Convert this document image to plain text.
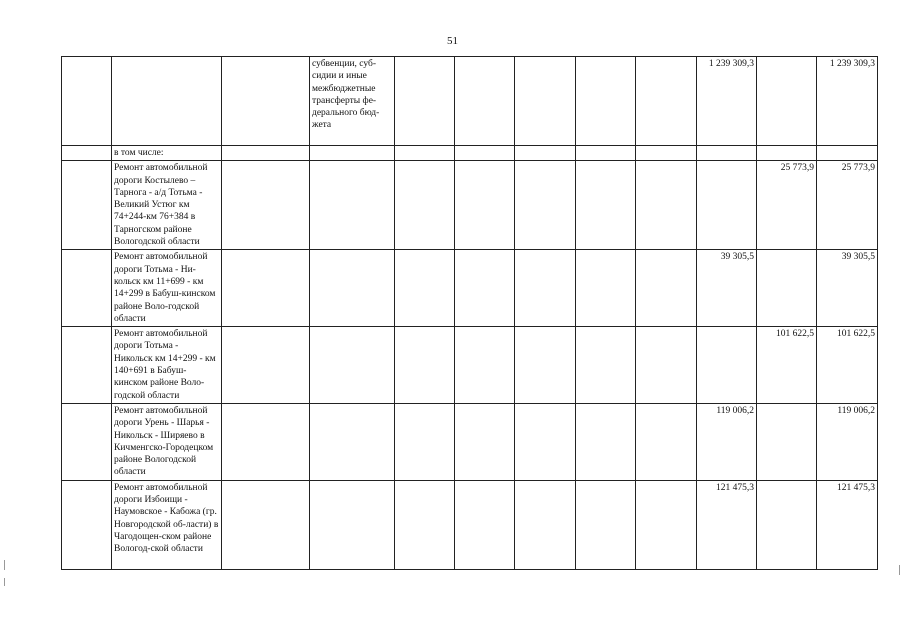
51
			субвенции, суб-сидии и иные межбюджетные трансферты фе-дерального бюд-жета						1 239 309,3		1 239 309,3
	в том числе:										
	Ремонт автомобильной дороги Костылево – Тарнога - а/д Тотьма - Великий Устюг км 74+244-км 76+384 в Тарногском районе Вологодской области									25 773,9	25 773,9
	Ремонт автомобильной дороги Тотьма - Ни-кольск км 11+699 - км 14+299 в Бабуш-кинском районе Воло-годской области								39 305,5		39 305,5
	Ремонт автомобильной дороги Тотьма - Никольск км 14+299 - км 140+691 в Бабуш-кинском районе Воло-годской области									101 622,5	101 622,5
	Ремонт автомобильной дороги Урень - Шарья - Никольск - Ширяево в Кичменгско-Городецком районе Вологодской области								119 006,2		119 006,2
	Ремонт автомобильной дороги Избоищи - Наумовское - Кабожа (гр. Новгородской об-ласти) в Чагодощен-ском районе Вологод-ской области								121 475,3		121 475,3
